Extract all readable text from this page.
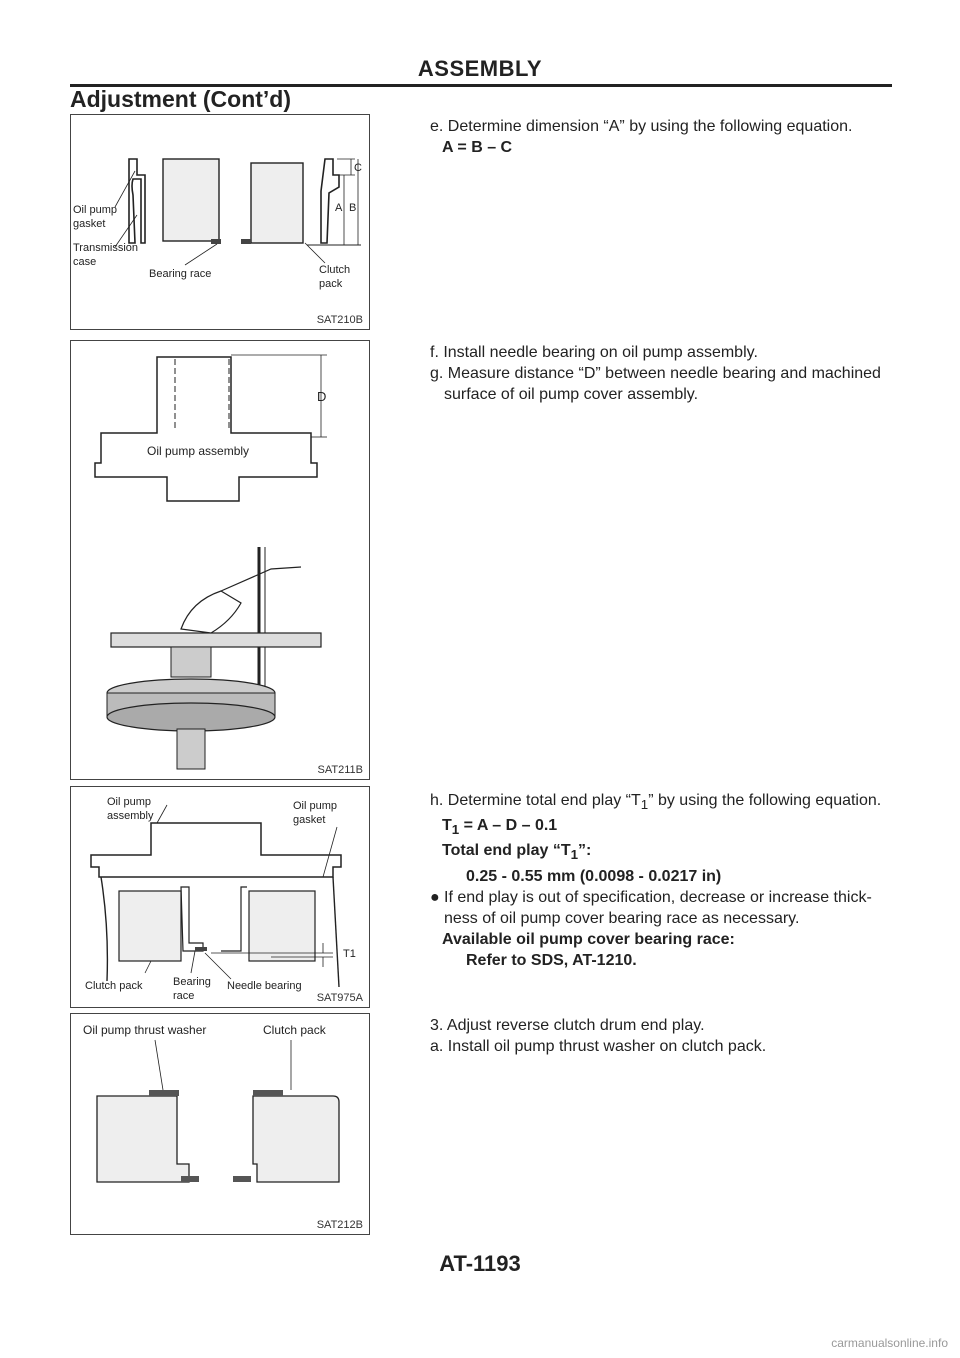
ASSEMBLY
Adjustment (Cont’d)
Oil pump
gasket
Transmission
case
Bearing race	Clutch
pack
C
A B
SAT210B
Oil pump assembly
D
SAT211B
Oil pump
assembly
Oil pump
gasket
Clutch pack	Bearing
race
Needle bearing
T1
SAT975A
Oil pump thrust washer	Clutch pack
SAT212B
e. Determine dimension “A” by using the following equation.
A = B – C
f. Install needle bearing on oil pump assembly.
g. Measure distance “D” between needle bearing and machined
surface of oil pump cover assembly.
h. Determine total end play “$T_1$” by using the following equation.
$T_1 = A - D - 0.1$
Total end play “$T_1$”:
0.25 - 0.55 mm (0.0098 - 0.0217 in)
● If end play is out of specification, decrease or increase thick-
ness of oil pump cover bearing race as necessary.
Available oil pump cover bearing race:
Refer to SDS, AT-1210.
3. Adjust reverse clutch drum end play.
a. Install oil pump thrust washer on clutch pack.
AT-1193
carmanualsonline.info
